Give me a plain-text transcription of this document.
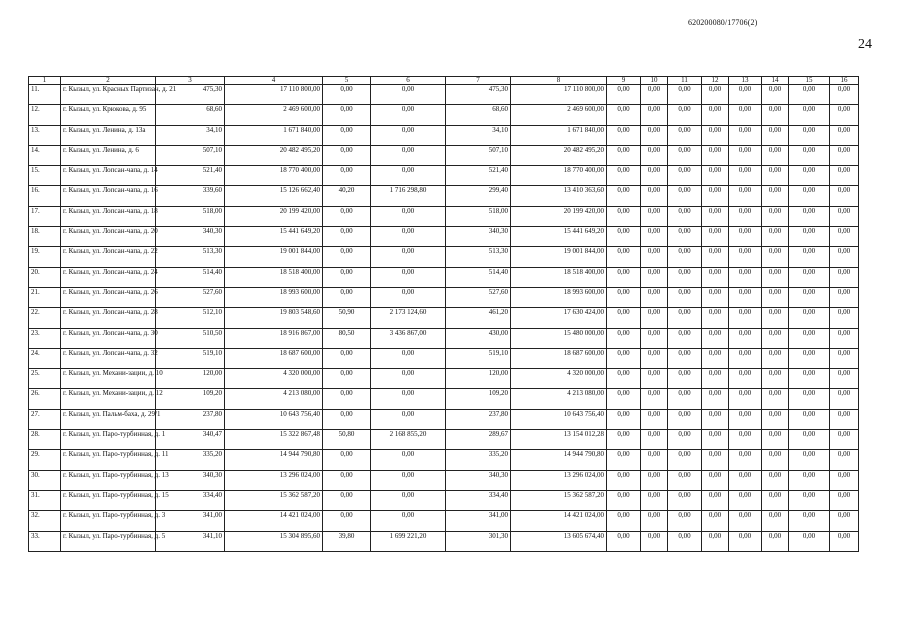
620200080/17706(2)
24
1	2	3	4	5	6	7	8	9	10	11	12	13	14	15	16
11.	г. Кызыл, ул. Красных Партизан, д. 21	475,30	17 110 800,00	0,00	0,00	475,30	17 110 800,00	0,00	0,00	0,00	0,00	0,00	0,00	0,00	0,00
12.	г. Кызыл, ул. Крюкова, д. 95	68,60	2 469 600,00	0,00	0,00	68,60	2 469 600,00	0,00	0,00	0,00	0,00	0,00	0,00	0,00	0,00
13.	г. Кызыл, ул. Ленина, д. 13а	34,10	1 671 840,00	0,00	0,00	34,10	1 671 840,00	0,00	0,00	0,00	0,00	0,00	0,00	0,00	0,00
14.	г. Кызыл, ул. Ленина, д. 6	507,10	20 482 495,20	0,00	0,00	507,10	20 482 495,20	0,00	0,00	0,00	0,00	0,00	0,00	0,00	0,00
15.	г. Кызыл, ул. Лопсан-чапа, д. 14	521,40	18 770 400,00	0,00	0,00	521,40	18 770 400,00	0,00	0,00	0,00	0,00	0,00	0,00	0,00	0,00
16.	г. Кызыл, ул. Лопсан-чапа, д. 16	339,60	15 126 662,40	40,20	1 716 298,80	299,40	13 410 363,60	0,00	0,00	0,00	0,00	0,00	0,00	0,00	0,00
17.	г. Кызыл, ул. Лопсан-чапа, д. 18	518,00	20 199 420,00	0,00	0,00	518,00	20 199 420,00	0,00	0,00	0,00	0,00	0,00	0,00	0,00	0,00
18.	г. Кызыл, ул. Лопсан-чапа, д. 20	340,30	15 441 649,20	0,00	0,00	340,30	15 441 649,20	0,00	0,00	0,00	0,00	0,00	0,00	0,00	0,00
19.	г. Кызыл, ул. Лопсан-чапа, д. 22	513,30	19 001 844,00	0,00	0,00	513,30	19 001 844,00	0,00	0,00	0,00	0,00	0,00	0,00	0,00	0,00
20.	г. Кызыл, ул. Лопсан-чапа, д. 24	514,40	18 518 400,00	0,00	0,00	514,40	18 518 400,00	0,00	0,00	0,00	0,00	0,00	0,00	0,00	0,00
21.	г. Кызыл, ул. Лопсан-чапа, д. 26	527,60	18 993 600,00	0,00	0,00	527,60	18 993 600,00	0,00	0,00	0,00	0,00	0,00	0,00	0,00	0,00
22.	г. Кызыл, ул. Лопсан-чапа, д. 28	512,10	19 803 548,60	50,90	2 173 124,60	461,20	17 630 424,00	0,00	0,00	0,00	0,00	0,00	0,00	0,00	0,00
23.	г. Кызыл, ул. Лопсан-чапа, д. 30	510,50	18 916 867,00	80,50	3 436 867,00	430,00	15 480 000,00	0,00	0,00	0,00	0,00	0,00	0,00	0,00	0,00
24.	г. Кызыл, ул. Лопсан-чапа, д. 32	519,10	18 687 600,00	0,00	0,00	519,10	18 687 600,00	0,00	0,00	0,00	0,00	0,00	0,00	0,00	0,00
25.	г. Кызыл, ул. Механи-зации, д. 10	120,00	4 320 000,00	0,00	0,00	120,00	4 320 000,00	0,00	0,00	0,00	0,00	0,00	0,00	0,00	0,00
26.	г. Кызыл, ул. Механи-зации, д. 12	109,20	4 213 080,00	0,00	0,00	109,20	4 213 080,00	0,00	0,00	0,00	0,00	0,00	0,00	0,00	0,00
27.	г. Кызыл, ул. Пальм-баха, д. 29/1	237,80	10 643 756,40	0,00	0,00	237,80	10 643 756,40	0,00	0,00	0,00	0,00	0,00	0,00	0,00	0,00
28.	г. Кызыл, ул. Паро-турбинная, д. 1	340,47	15 322 867,48	50,80	2 168 855,20	289,67	13 154 012,28	0,00	0,00	0,00	0,00	0,00	0,00	0,00	0,00
29.	г. Кызыл, ул. Паро-турбинная, д. 11	335,20	14 944 790,80	0,00	0,00	335,20	14 944 790,80	0,00	0,00	0,00	0,00	0,00	0,00	0,00	0,00
30.	г. Кызыл, ул. Паро-турбинная, д. 13	340,30	13 296 024,00	0,00	0,00	340,30	13 296 024,00	0,00	0,00	0,00	0,00	0,00	0,00	0,00	0,00
31.	г. Кызыл, ул. Паро-турбинная, д. 15	334,40	15 362 587,20	0,00	0,00	334,40	15 362 587,20	0,00	0,00	0,00	0,00	0,00	0,00	0,00	0,00
32.	г. Кызыл, ул. Паро-турбинная, д. 3	341,00	14 421 024,00	0,00	0,00	341,00	14 421 024,00	0,00	0,00	0,00	0,00	0,00	0,00	0,00	0,00
33.	г. Кызыл, ул. Паро-турбинная, д. 5	341,10	15 304 895,60	39,80	1 699 221,20	301,30	13 605 674,40	0,00	0,00	0,00	0,00	0,00	0,00	0,00	0,00
